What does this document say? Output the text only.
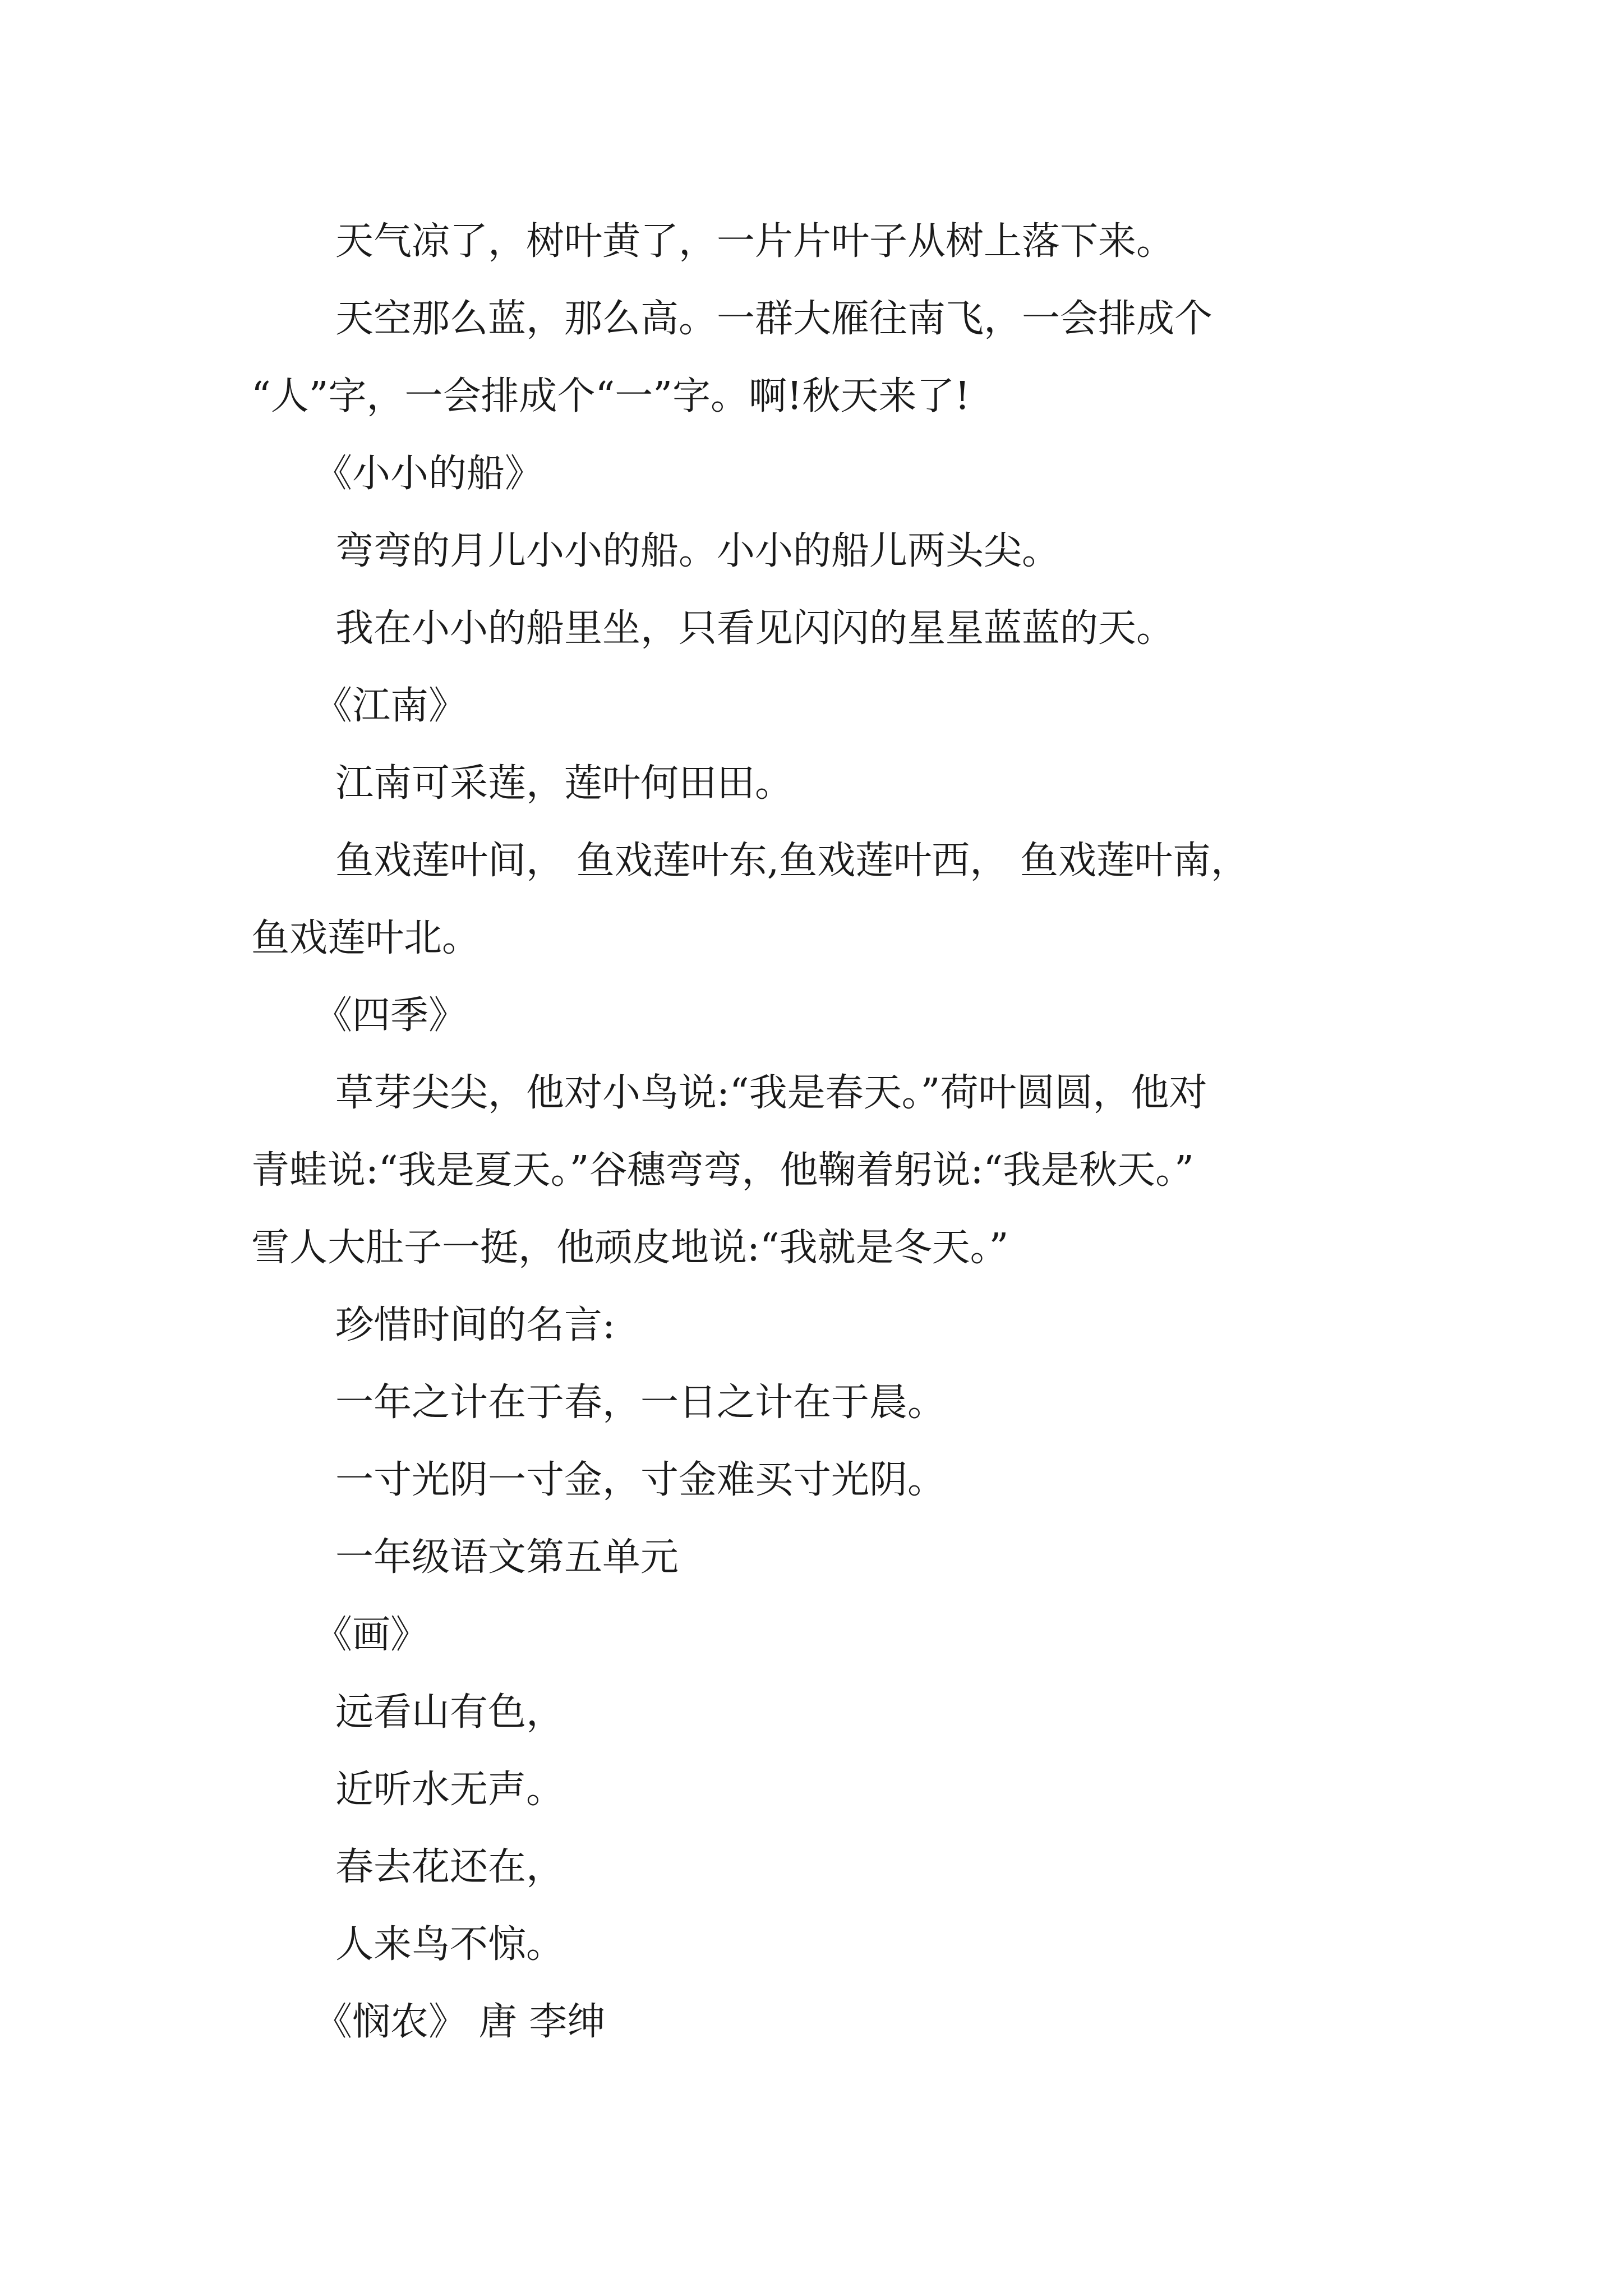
天气凉了，树叶黄了，一片片叶子从树上落下来。

天空那么蓝，那么高。一群大雁往南飞，一会排成个

“人”字，一会排成个“一”字。啊!秋天来了!

《小小的船》

弯弯的月儿小小的船。小小的船儿两头尖。

我在小小的船里坐，只看见闪闪的星星蓝蓝的天。

《江南》

江南可采莲，莲叶何田田。

鱼戏莲叶间， 鱼戏莲叶东,鱼戏莲叶西， 鱼戏莲叶南，

鱼戏莲叶北。

《四季》

草芽尖尖，他对小鸟说:“我是春天。”荷叶圆圆，他对

青蛙说:“我是夏天。”谷穗弯弯，他鞠着躬说:“我是秋天。”

雪人大肚子一挺，他顽皮地说:“我就是冬天。”

珍惜时间的名言:

一年之计在于春，一日之计在于晨。

一寸光阴一寸金，寸金难买寸光阴。

一年级语文第五单元

《画》

远看山有色，

近听水无声。

春去花还在，

人来鸟不惊。

《悯农》 唐 李绅
